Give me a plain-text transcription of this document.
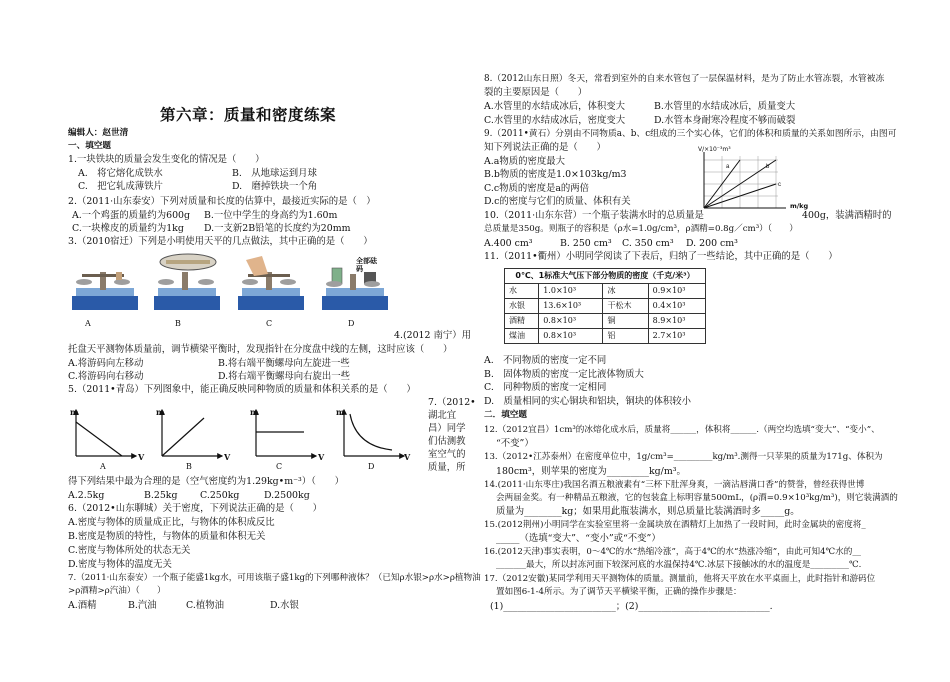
第六章：质量和密度练案
编辑人：赵世清
一、填空题
1.一块铁块的质量会发生变化的情况是（　　）
A.　将它熔化成铁水	B.　从地球运到月球
C.　把它轧成薄铁片	D.　磨掉铁块一个角
2.（2011·山东泰安）下列对质量和长度的估算中，最接近实际的是（　）
A.一个鸡蛋的质量约为600g B.一位中学生的身高约为1.60m
C.一块橡皮的质量约为1kg D.一支新2B铅笔的长度约为20mm
3.（2010宿迁）下列是小明使用天平的几点做法，其中正确的是（　　）
全部砝码
A	B	C	D
4.(2012 南宁）用
托盘天平测物体质量前，调节横梁平衡时，发现指针在分度盘中线的左侧，这时应该（　　）
A.将游码向左移动	B.将右端平衡螺母向左旋进一些
C.将游码向右移动	D.将右端平衡螺母向右旋出一些
5.（2011•青岛）下列图象中，能正确反映同种物质的质量和体积关系的是（　　）
m	m	m	m
V	V	V	V
A	B	C	D
7.（2012•
湖北宜
昌）同学
们估测教
室空气的
质量，所
得下列结果中最为合理的是（空气密度约为1.29kg•m⁻³）（　　）
A.2.5kg	B.25kg C.250kg	D.2500kg
6.（2012•山东聊城）关于密度，下列说法正确的是（　　）
A.密度与物体的质量成正比，与物体的体积成反比
B.密度是物质的特性，与物体的质量和体积无关
C.密度与物体所处的状态无关
D.密度与物体的温度无关
7.（2011·山东泰安）一个瓶子能盛1kg水，可用该瓶子盛1kg的下列哪种液体？（已知ρ水银>ρ水>ρ植物油
>ρ酒精>ρ汽油）（　　）
A.酒精	B.汽油	C.植物油	D.水银
8.（2012山东日照）冬天，常看到室外的自来水管包了一层保温材料，是为了防止水管冻裂，水管被冻
裂的主要原因是（　　）
A.水管里的水结成冰后，体积变大	B.水管里的水结成冰后，质量变大
C.水管里的水结成冰后，密度变大	D.水管本身耐寒冷程度不够而破裂
9.（2011•黄石）分别由不同物质a、b、c组成的三个实心体，它们的体积和质量的关系如图所示，由图可
知下列说法正确的是（　　）
A.a物质的密度最大
B.b物质的密度是1.0×103kg/m3
C.c物质的密度是a的两倍
D.c的密度与它们的质量、体积有关
b
a
c
V/×10⁻³m³
m/kg
10.（2011·山东东营）一个瓶子装满水时的总质量是	400g，装满酒精时的
总质量是350g。则瓶子的容积是（ρ水=1.0g/cm³，ρ酒精=0.8g／cm³）（　　）
A.400 cm³	B. 250 cm³ C. 350 cm³ D. 200 cm³
11.（2011•衢州）小明同学阅读了下表后，归纳了一些结论，其中正确的是（　　）
0℃、1标准大气压下部分物质的密度（千克/米³）			
水	1.0×10³	冰	0.9×10³
水银	13.6×10³	干松木	0.4×10³
酒精	0.8×10³	铜	8.9×10³
煤油	0.8×10³	铝	2.7×10³
A.　不同物质的密度一定不同
B.　固体物质的密度一定比液体物质大
C.　同种物质的密度一定相同
D.　质量相同的实心铜块和铝块，铜块的体积较小
二．填空题
12.（2012宜昌）1cm³的冰熔化成水后，质量将______，体积将______.（两空均选填“变大”、“变小”、
“不变”）
13.（2012•江苏泰州）在密度单位中，1g/cm³=_________kg/m³.测得一只苹果的质量为171g、体积为
180cm³，则苹果的密度为_________kg/m³。
14.(2011·山东枣庄)我国名酒五粮液素有“三杯下肚浑身爽，一滴沾唇满口香”的赞誉，曾经获得世博
会两届金奖。有一种精品五粮液，它的包装盒上标明容量500mL，(ρ酒=0.9×10³kg/m³)，则它装满酒的
质量为________kg；如果用此瓶装满水，则总质量比装满酒时多_____g。
15.(2012荆州)小明同学在实验室里将一金属块放在酒精灯上加热了一段时间，此时金属块的密度将_
_____（选填“变大”、“变小”或“不变”）
16.(2012天津)事实表明，0～4℃的水“热缩冷涨”，高于4℃的水“热涨冷缩”，由此可知4℃水的__
_______最大，所以封冻河面下较深河底的水温保持4℃.冰层下接触冰的水的温度是_________℃.
17.（2012安徽)某同学利用天平测物体的质量。测量前，他将天平放在水平桌面上，此时指针和游码位
置如图6-1-4所示。为了调节天平横梁平衡，正确的操作步骤是：
(1)________________________；(2)____________________________.
